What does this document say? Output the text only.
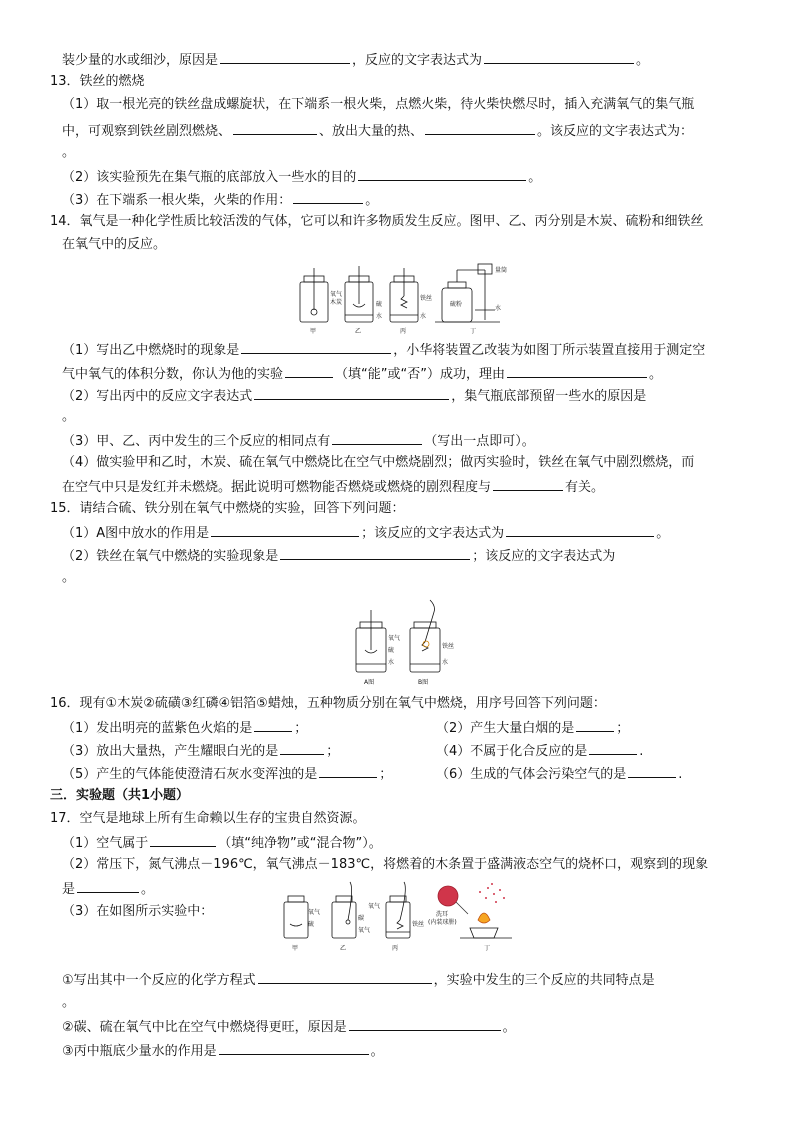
装少量的水或细沙，原因是	，反应的文字表达式为	。
13．铁丝的燃烧
（1）取一根光亮的铁丝盘成螺旋状，在下端系一根火柴，点燃火柴，待火柴快燃尽时，插入充满氧气的集气瓶
中，可观察到铁丝剧烈燃烧、	、放出大量的热、	。该反应的文字表达式为：
。
（2）该实验预先在集气瓶的底部放入一些水的目的	。
（3）在下端系一根火柴，火柴的作用：	。
14．氧气是一种化学性质比较活泼的气体，它可以和许多物质发生反应。图甲、乙、丙分别是木炭、硫粉和细铁丝
在氧气中的反应。
氧气
木炭
甲
硫
水
乙
铁丝
水
丙
硫粉
量筒
水
丁
（1）写出乙中燃烧时的现象是	，小华将装置乙改装为如图丁所示装置直接用于测定空
气中氧气的体积分数，你认为他的实验	（填“能”或“否”）成功，理由	。
（2）写出丙中的反应文字表达式	，集气瓶底部预留一些水的原因是
。
（3）甲、乙、丙中发生的三个反应的相同点有	（写出一点即可）。
（4）做实验甲和乙时，木炭、硫在氧气中燃烧比在空气中燃烧剧烈；做丙实验时，铁丝在氧气中剧烈燃烧，而
在空气中只是发红并未燃烧。据此说明可燃物能否燃烧或燃烧的剧烈程度与	有关。
15．请结合硫、铁分别在氧气中燃烧的实验，回答下列问题：
（1）A图中放水的作用是	；该反应的文字表达式为	。
（2）铁丝在氧气中燃烧的实验现象是	；该反应的文字表达式为
。
氧气
硫
水
A图
铁丝
水
B图
16．现有①木炭②硫磺③红磷④铝箔⑤蜡烛，五种物质分别在氧气中燃烧，用序号回答下列问题：
（1）发出明亮的蓝紫色火焰的是	；	（2）产生大量白烟的是	；
（3）放出大量热，产生耀眼白光的是	；	（4）不属于化合反应的是	.
（5）产生的气体能使澄清石灰水变浑浊的是	；	（6）生成的气体会污染空气的是	.
三．实验题（共1小题）
17．空气是地球上所有生命赖以生存的宝贵自然资源。
（1）空气属于	（填“纯净物”或“混合物”）。
（2）常压下，氮气沸点－196℃，氧气沸点－183℃，将燃着的木条置于盛满液态空气的烧杯口，观察到的现象
是	。
（3）在如图所示实验中：	氧气
硫
甲
碳
氧气
乙
氧气
铁丝
丙
洗耳
(内装球肼)
丁
①写出其中一个反应的化学方程式	，实验中发生的三个反应的共同特点是
。
②碳、硫在氧气中比在空气中燃烧得更旺，原因是	。
③丙中瓶底少量水的作用是	。
